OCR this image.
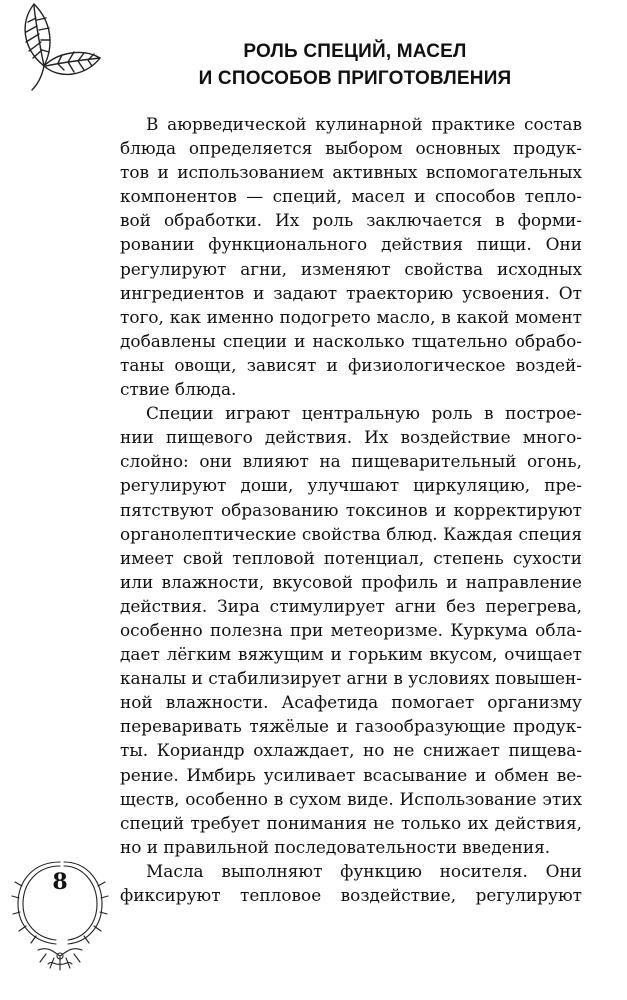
РОЛЬ СПЕЦИЙ, МАСЕЛ
И СПОСОБОВ ПРИГОТОВЛЕНИЯ
В аюрведической кулинарной практике состав
блюда определяется выбором основных продук-
тов и использованием активных вспомогательных
компонентов — специй, масел и способов тепло-
вой обработки. Их роль заключается в форми-
ровании функционального действия пищи. Они
регулируют агни, изменяют свойства исходных
ингредиентов и задают траекторию усвоения. От
того, как именно подогрето масло, в какой момент
добавлены специи и насколько тщательно обрабо-
таны овощи, зависят и физиологическое воздей-
ствие блюда.
Специи играют центральную роль в построе-
нии пищевого действия. Их воздействие много-
слойно: они влияют на пищеварительный огонь,
регулируют доши, улучшают циркуляцию, пре-
пятствуют образованию токсинов и корректируют
органолептические свойства блюд. Каждая специя
имеет свой тепловой потенциал, степень сухости
или влажности, вкусовой профиль и направление
действия. Зира стимулирует агни без перегрева,
особенно полезна при метеоризме. Куркума обла-
дает лёгким вяжущим и горьким вкусом, очищает
каналы и стабилизирует агни в условиях повышен-
ной влажности. Асафетида помогает организму
переваривать тяжёлые и газообразующие продук-
ты. Кориандр охлаждает, но не снижает пищева-
рение. Имбирь усиливает всасывание и обмен ве-
ществ, особенно в сухом виде. Использование этих
специй требует понимания не только их действия,
но и правильной последовательности введения.
Масла выполняют функцию носителя. Они
фиксируют тепловое воздействие, регулируют
8
